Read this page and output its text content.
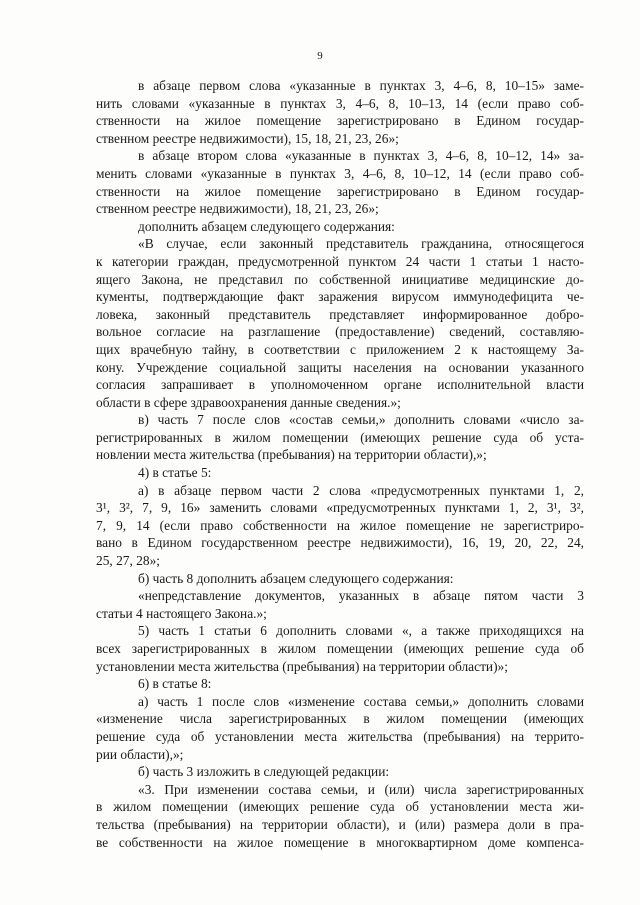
9
в абзаце первом слова «указанные в пунктах 3, 4–6, 8, 10–15» заме-
нить словами «указанные в пунктах 3, 4–6, 8, 10–13, 14 (если право соб-
ственности на жилое помещение зарегистрировано в Едином государ-
ственном реестре недвижимости), 15, 18, 21, 23, 26»;
в абзаце втором слова «указанные в пунктах 3, 4–6, 8, 10–12, 14» за-
менить словами «указанные в пунктах 3, 4–6, 8, 10–12, 14 (если право соб-
ственности на жилое помещение зарегистрировано в Едином государ-
ственном реестре недвижимости), 18, 21, 23, 26»;
дополнить абзацем следующего содержания:
«В случае, если законный представитель гражданина, относящегося
к категории граждан, предусмотренной пунктом 24 части 1 статьи 1 насто-
ящего Закона, не представил по собственной инициативе медицинские до-
кументы, подтверждающие факт заражения вирусом иммунодефицита че-
ловека, законный представитель представляет информированное добро-
вольное согласие на разглашение (предоставление) сведений, составляю-
щих врачебную тайну, в соответствии с приложением 2 к настоящему За-
кону. Учреждение социальной защиты населения на основании указанного
согласия запрашивает в уполномоченном органе исполнительной власти
области в сфере здравоохранения данные сведения.»;
в) часть 7 после слов «состав семьи,» дополнить словами «число за-
регистрированных в жилом помещении (имеющих решение суда об уста-
новлении места жительства (пребывания) на территории области),»;
4) в статье 5:
а) в абзаце первом части 2 слова «предусмотренных пунктами 1, 2,
3¹, 3², 7, 9, 16» заменить словами «предусмотренных пунктами 1, 2, 3¹, 3²,
7, 9, 14 (если право собственности на жилое помещение не зарегистриро-
вано в Едином государственном реестре недвижимости), 16, 19, 20, 22, 24,
25, 27, 28»;
б) часть 8 дополнить абзацем следующего содержания:
«непредставление документов, указанных в абзаце пятом части 3
статьи 4 настоящего Закона.»;
5) часть 1 статьи 6 дополнить словами «, а также приходящихся на
всех зарегистрированных в жилом помещении (имеющих решение суда об
установлении места жительства (пребывания) на территории области)»;
6) в статье 8:
а) часть 1 после слов «изменение состава семьи,» дополнить словами
«изменение числа зарегистрированных в жилом помещении (имеющих
решение суда об установлении места жительства (пребывания) на террито-
рии области),»;
б) часть 3 изложить в следующей редакции:
«3. При изменении состава семьи, и (или) числа зарегистрированных
в жилом помещении (имеющих решение суда об установлении места жи-
тельства (пребывания) на территории области), и (или) размера доли в пра-
ве собственности на жилое помещение в многоквартирном доме компенса-
